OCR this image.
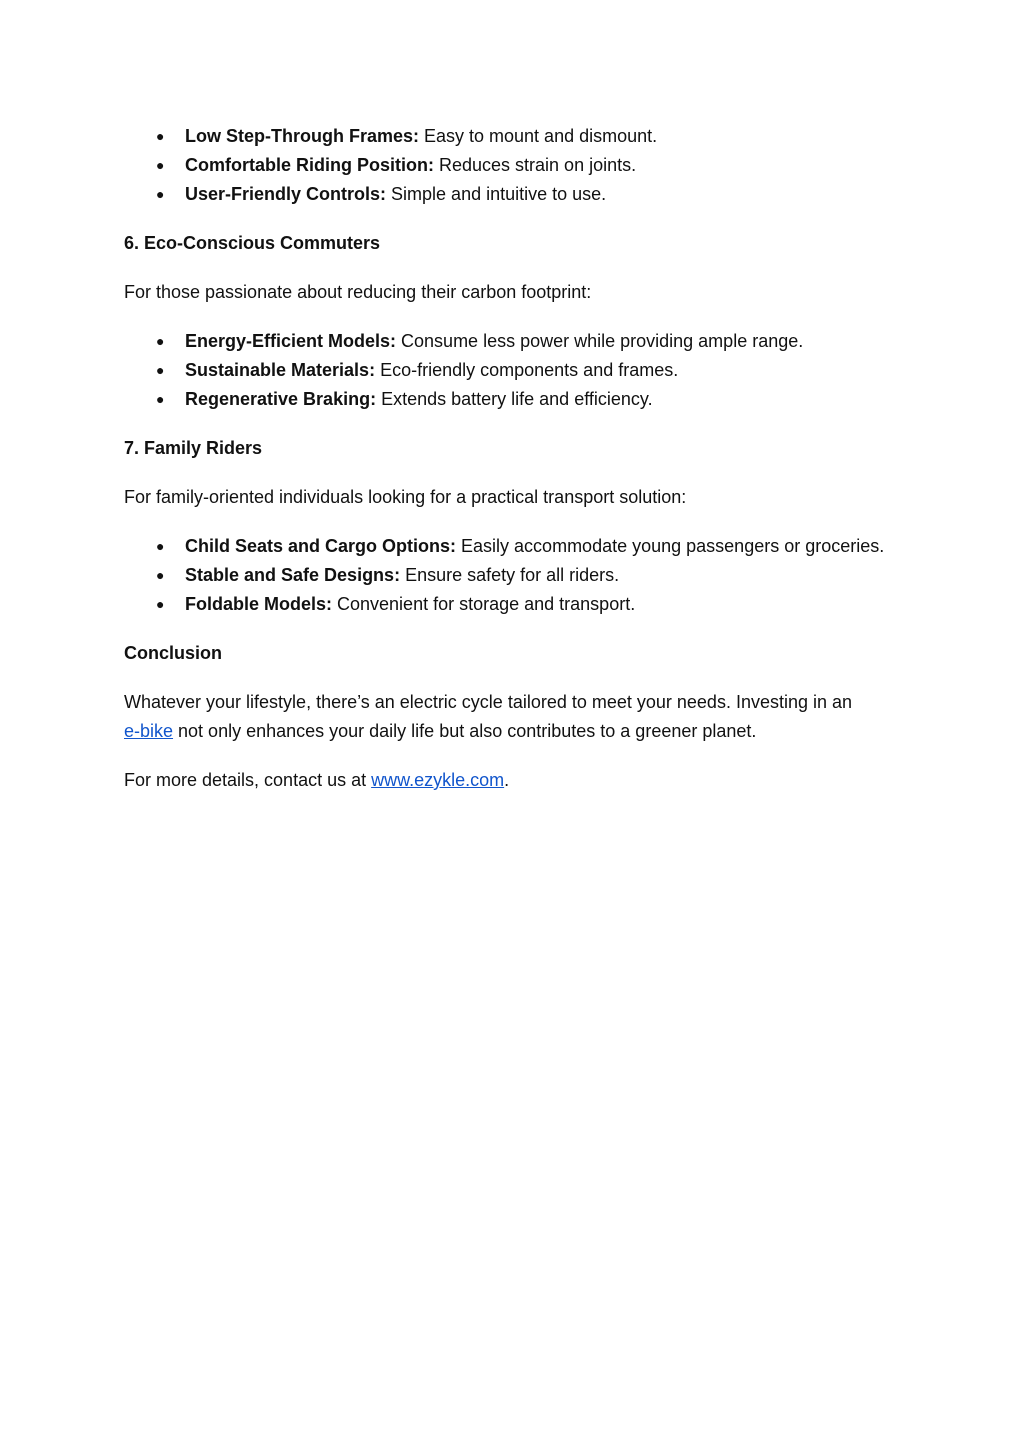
● Low Step-Through Frames: Easy to mount and dismount.
● Comfortable Riding Position: Reduces strain on joints.
● User-Friendly Controls: Simple and intuitive to use.
6. Eco-Conscious Commuters

For those passionate about reducing their carbon footprint:

● Energy-Efficient Models: Consume less power while providing ample range.
● Sustainable Materials: Eco-friendly components and frames.
● Regenerative Braking: Extends battery life and efficiency.
7. Family Riders

For family-oriented individuals looking for a practical transport solution:

● Child Seats and Cargo Options: Easily accommodate young passengers or groceries.
● Stable and Safe Designs: Ensure safety for all riders.
● Foldable Models: Convenient for storage and transport.
Conclusion

Whatever your lifestyle, there’s an electric cycle tailored to meet your needs. Investing in an
e-bike not only enhances your daily life but also contributes to a greener planet.

For more details, contact us at www.ezykle.com.
